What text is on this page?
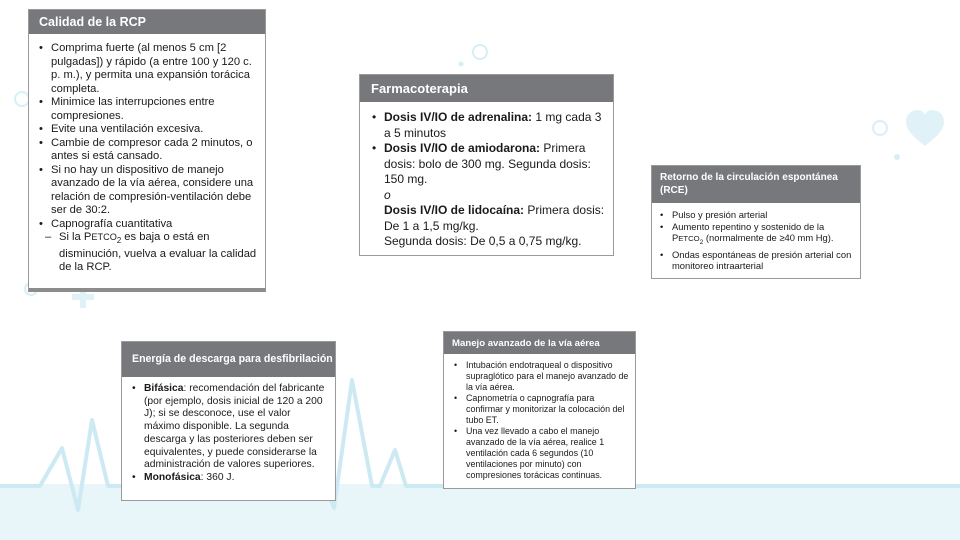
Calidad de la RCP
• Comprima fuerte (al menos 5 cm [2 pulgadas]) y rápido (a entre 100 y 120 c. p. m.), y permita una expansión torácica completa.
• Minimice las interrupciones entre compresiones.
• Evite una ventilación excesiva.
• Cambie de compresor cada 2 minutos, o antes si está cansado.
• Si no hay un dispositivo de manejo avanzado de la vía aérea, considere una relación de compresión-ventilación debe ser de 30:2.
• Capnografía cuantitativa
– Si la $PETCO_2$ es baja o está en disminución, vuelva a evaluar la calidad de la RCP.
Farmacoterapia
• Dosis IV/IO de adrenalina: 1 mg cada 3 a 5 minutos
• Dosis IV/IO de amiodarona: Primera dosis: bolo de 300 mg. Segunda dosis: 150 mg.

o

Dosis IV/IO de lidocaína: Primera dosis: De 1 a 1,5 mg/kg.

Segunda dosis: De 0,5 a 0,75 mg/kg.

Retorno de la circulación espontánea (RCE)
• Pulso y presión arterial
• Aumento repentino y sostenido de la $PETCO_2$ (normalmente de ≥40 mm Hg).
• Ondas espontáneas de presión arterial con monitoreo intraarterial
Energía de descarga para desfibrilación
• Bifásica: recomendación del fabricante (por ejemplo, dosis inicial de 120 a 200 J); si se desconoce, use el valor máximo disponible. La segunda descarga y las posteriores deben ser equivalentes, y puede considerarse la administración de valores superiores.
• Monofásica: 360 J.
Manejo avanzado de la vía aérea
• Intubación endotraqueal o dispositivo supraglótico para el manejo avanzado de la vía aérea.
• Capnometría o capnografía para confirmar y monitorizar la colocación del tubo ET.
• Una vez llevado a cabo el manejo avanzado de la vía aérea, realice 1 ventilación cada 6 segundos (10 ventilaciones por minuto) con compresiones torácicas continuas.
